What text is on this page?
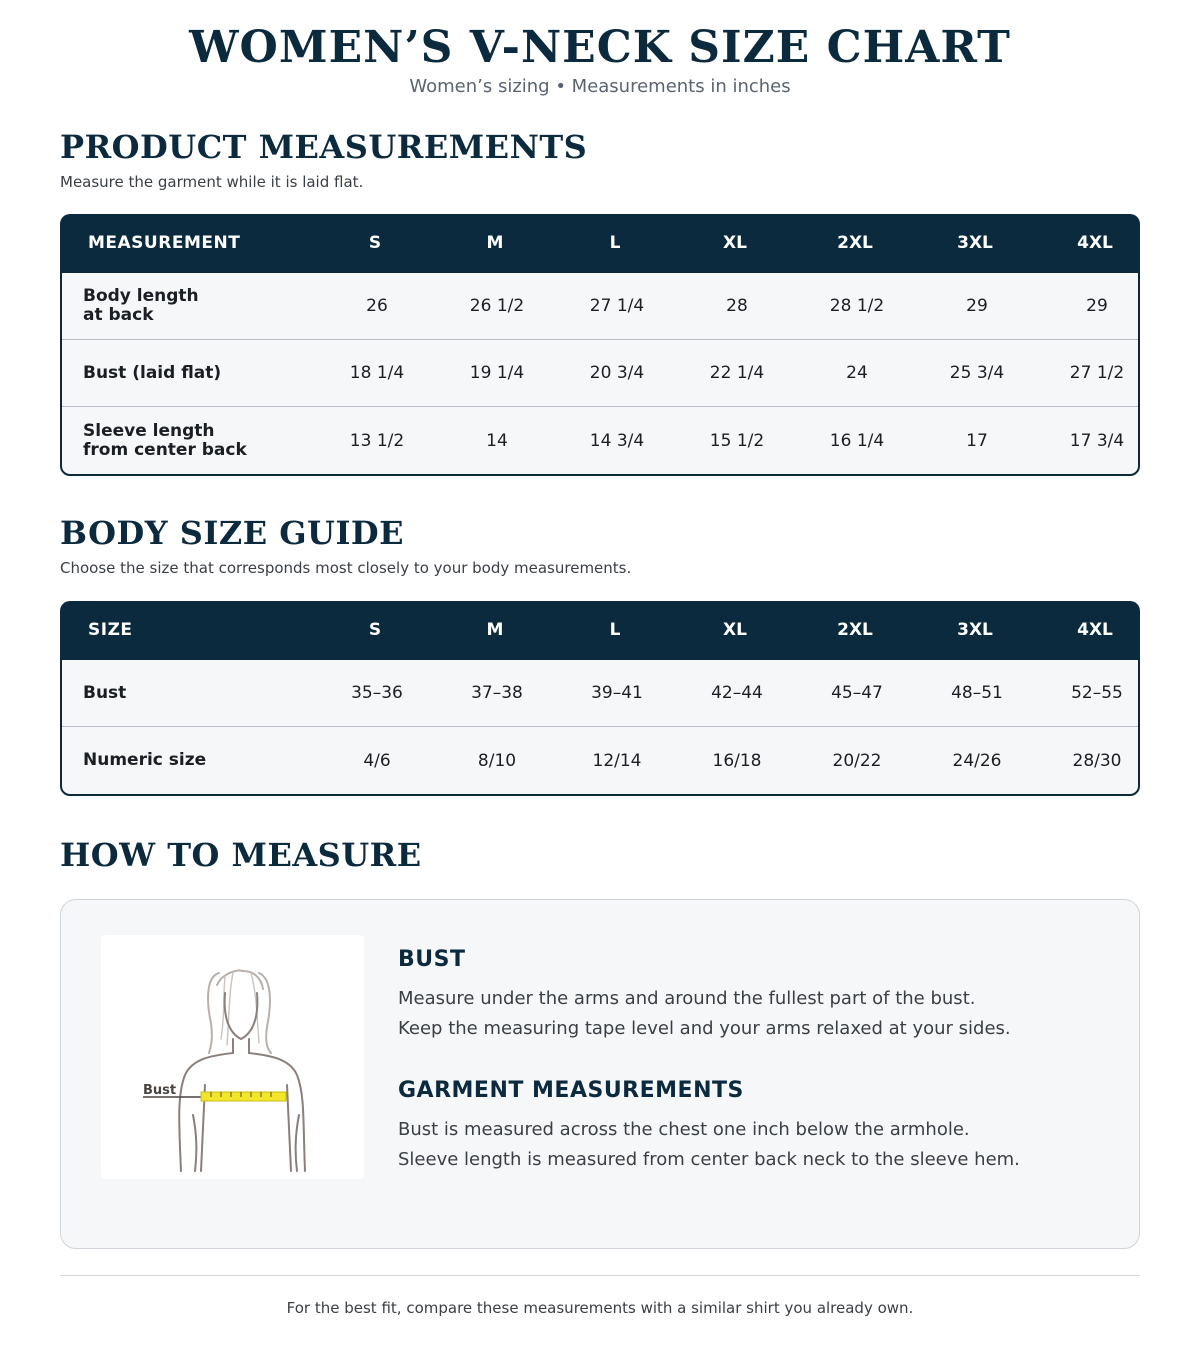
WOMEN’S V-NECK SIZE CHART
Women’s sizing • Measurements in inches
PRODUCT MEASUREMENTS
Measure the garment while it is laid flat.
MEASUREMENT	S	M	L	XL	2XL	3XL	4XL
Body length
at back	26	26 1/2	27 1/4	28	28 1/2	29	29
Bust (laid flat)	18 1/4	19 1/4	20 3/4	22 1/4	24	25 3/4	27 1/2
Sleeve length
from center back	13 1/2	14	14 3/4	15 1/2	16 1/4	17	17 3/4
BODY SIZE GUIDE
Choose the size that corresponds most closely to your body measurements.
SIZE	S	M	L	XL	2XL	3XL	4XL
Bust	35–36	37–38	39–41	42–44	45–47	48–51	52–55
Numeric size	4/6	8/10	12/14	16/18	20/22	24/26	28/30
HOW TO MEASURE
Bust
BUST
Measure under the arms and around the fullest part of the bust.
Keep the measuring tape level and your arms relaxed at your sides.
GARMENT MEASUREMENTS
Bust is measured across the chest one inch below the armhole.
Sleeve length is measured from center back neck to the sleeve hem.
For the best fit, compare these measurements with a similar shirt you already own.
